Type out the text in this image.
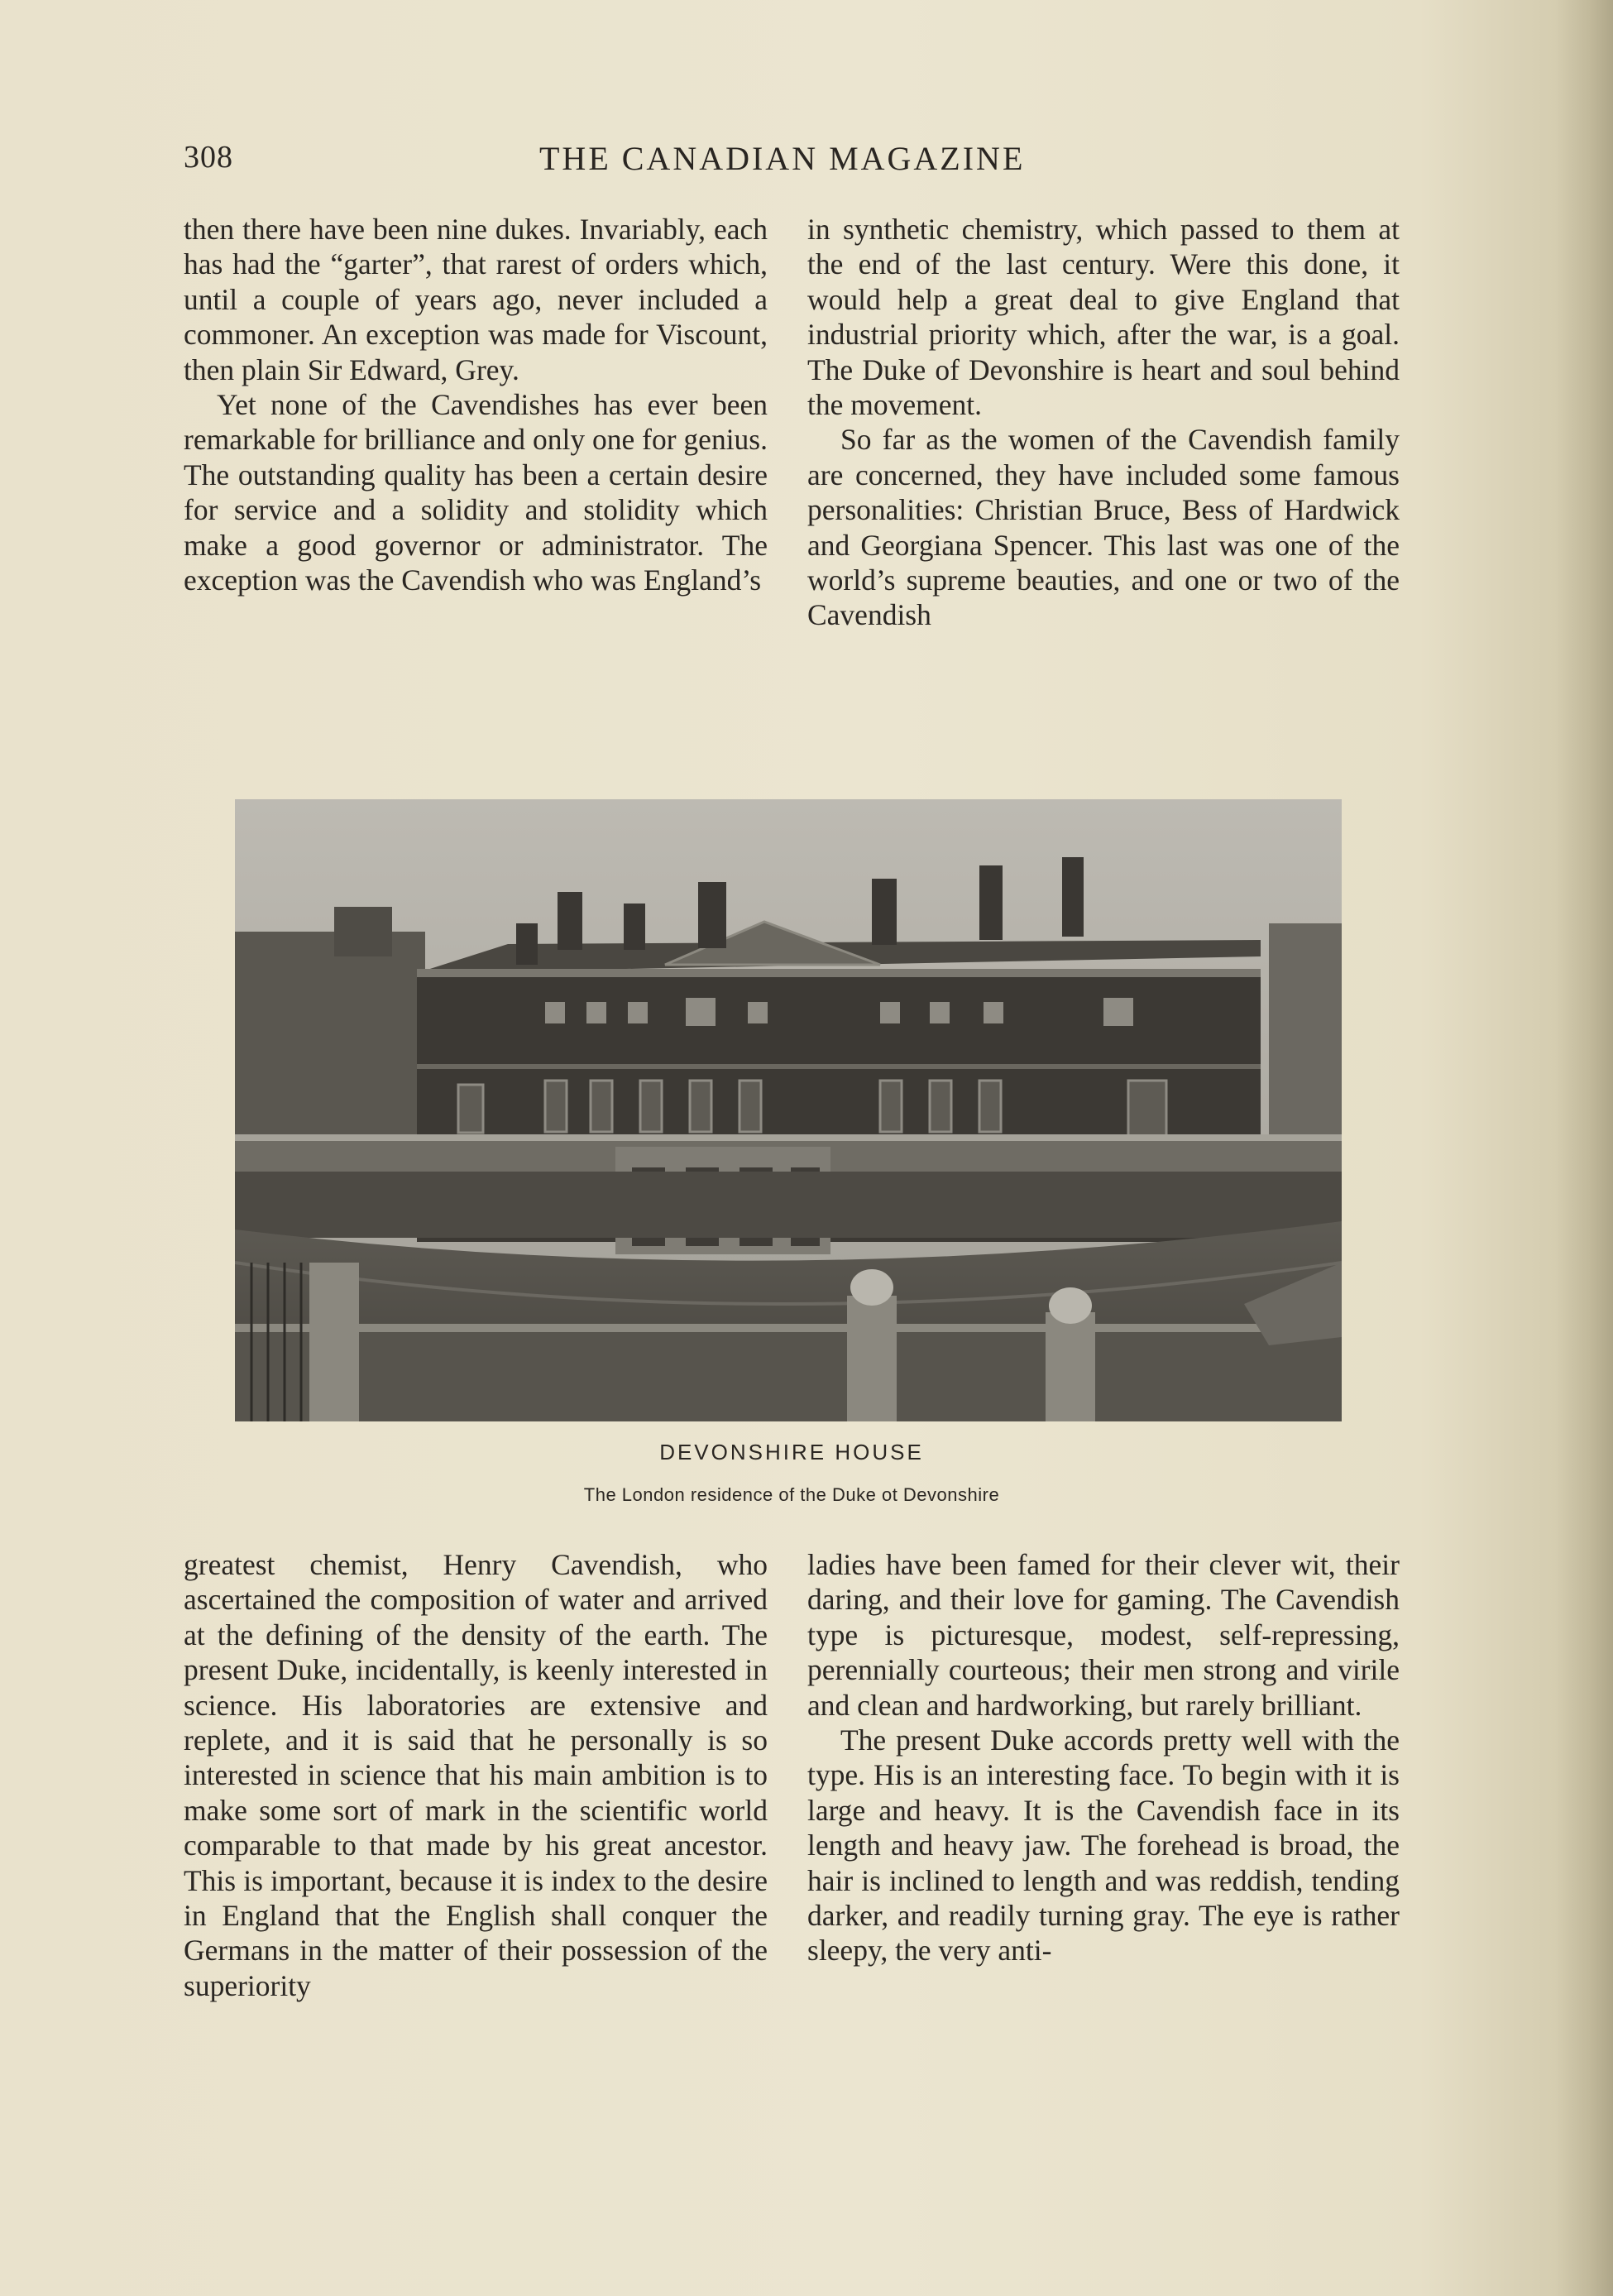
308	THE CANADIAN MAGAZINE

then there have been nine dukes. Invariably, each has had the “garter”, that rarest of orders which, until a couple of years ago, never included a commoner. An exception was made for Viscount, then plain Sir Edward, Grey.

Yet none of the Cavendishes has ever been remarkable for brilliance and only one for genius. The outstanding quality has been a certain desire for service and a solidity and stolidity which make a good governor or administrator. The exception was the Cavendish who was England’s

in synthetic chemistry, which passed to them at the end of the last century. Were this done, it would help a great deal to give England that industrial priority which, after the war, is a goal. The Duke of Devonshire is heart and soul behind the movement.

So far as the women of the Cavendish family are concerned, they have included some famous personalities: Christian Bruce, Bess of Hardwick and Georgiana Spencer. This last was one of the world’s supreme beauties, and one or two of the Cavendish

DEVONSHIRE HOUSE
The London residence of the Duke ot Devonshire

greatest chemist, Henry Cavendish, who ascertained the composition of water and arrived at the defining of the density of the earth. The present Duke, incidentally, is keenly interested in science. His laboratories are extensive and replete, and it is said that he personally is so interested in science that his main ambition is to make some sort of mark in the scientific world comparable to that made by his great ancestor. This is important, because it is index to the desire in England that the English shall conquer the Germans in the matter of their possession of the superiority

ladies have been famed for their clever wit, their daring, and their love for gaming. The Cavendish type is picturesque, modest, self-repressing, perennially courteous; their men strong and virile and clean and hardworking, but rarely brilliant.

The present Duke accords pretty well with the type. His is an interesting face. To begin with it is large and heavy. It is the Cavendish face in its length and heavy jaw. The forehead is broad, the hair is inclined to length and was reddish, tending darker, and readily turning gray. The eye is rather sleepy, the very anti-
